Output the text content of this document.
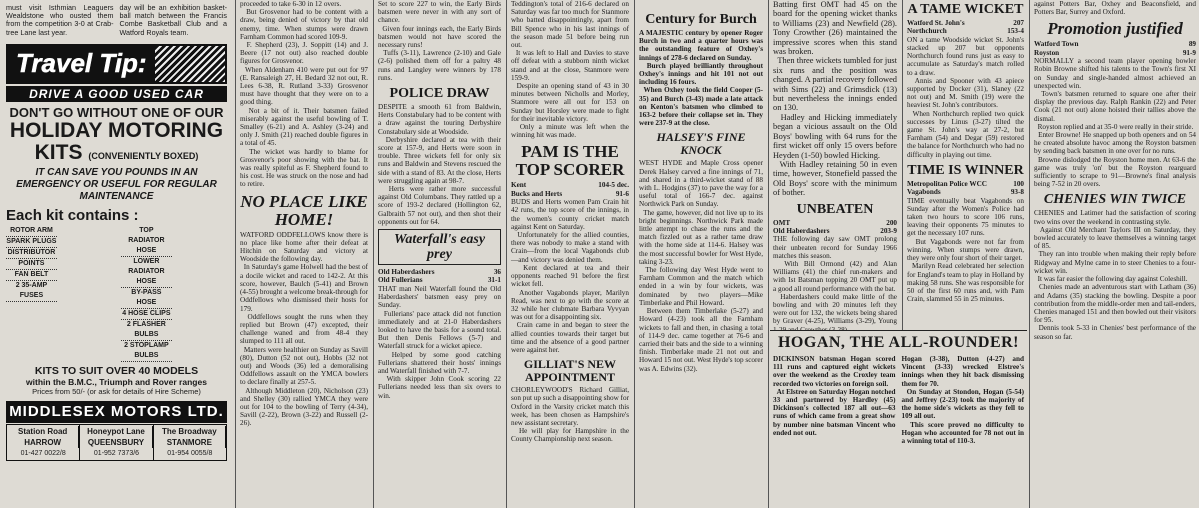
must visit Isthmian Leaguers Wealdstone who ousted them from the competition 3-0 at Crab-tree Lane last year.
day will be an exhibition basket-ball match between the Francis Combe Basketball Club and a Watford Royals team.
Travel Tip:
DRIVE A GOOD USED CAR
DON'T GO WITHOUT ONE OF OUR
HOLIDAY MOTORING
KITS (CONVENIENTLY BOXED)
IT CAN SAVE YOU POUNDS IN AN EMERGENCY OR USEFUL FOR REGULAR MAINTENANCE
Each kit contains :
ROTOR ARM
SPARK PLUGS
DISTRIBUTOR
POINTS
FAN BELT
2 35-AMP FUSES
TOP RADIATOR HOSE
LOWER RADIATOR HOSE
BY-PASS HOSE
4 HOSE CLIPS
2 FLASHER BULBS
2 STOPLAMP BULBS
KITS TO SUIT OVER 40 MODELS
within the B.M.C., Triumph and Rover ranges
Prices from 50/- (or ask for details of Hire Scheme)
MIDDLESEX MOTORS LTD.
Station Road
HARROW
01-427 0022/8
Honeypot Lane
QUEENSBURY
01-952 7373/6
The Broadway
STANMORE
01-954 0055/8
proceeded to take 6-30 in 12 overs.
But Grosvenor had to be content with a draw, being denied of victory by that old enemy, time. When stumps were drawn Farnham Common had scored 109-9.
F. Shepherd (23), J. Soppitt (14) and J. Beere (17 not out) also reached double figures for Grosvenor.
When Aldenham 410 were put out for 97 (E. Ransaleigh 27, H. Bedard 32 not out, R. Lees 6-38, R. Rutland 3-33) Grosvenor must have thought that they were on to a good thing.
Not a bit of it. Their batsmen failed miserably against the useful bowling of T. Smalley (6-21) and A. Ashley (3-24) and only J. Smith (21) reached double figures in a total of 45.
The wicket was hardly to blame for Grosvenor's poor showing with the bat. It was really spiteful as F. Shepherd found to his cost. He was struck on the nose and had to retire.
NO PLACE LIKE HOME!
WATFORD ODDFELLOWS know there is no place like home after their defeat at Hitchin on Saturday and victory at Woodside the following day.
In Saturday's game Holwell had the best of a docile wicket and raced to 142-2. At this score, however, Baulch (5-41) and Brown (4-55) brought a welcome break-through for Oddfellows who dismissed their hosts for 179.
Oddfellows sought the runs when they replied but Brown (47) excepted, their challenge waned and from 48-4 they slumped to 111 all out.
Matters were healthier on Sunday as Savill (80), Dutton (52 not out), Hobbs (32 not out) and Woods (36) led a demoralising Oddfellows assault on the YMCA bowlers to declare finally at 257-5.
Although Middleton (20), Nicholson (23) and Shelley (30) rallied YMCA they were out for 104 to the bowling of Terry (4-34), Savill (2-22), Brown (3-22) and Russell (2-26).
Set to score 227 to win, the Early Birds batsmen were never in with any sort of chance.
Given four innings each, the Early Birds batsmen would not have scored the necessary runs!
Tuffs (3-11), Lawrence (2-10) and Gale (2-6) polished them off for a paltry 48 runs and Langley were winners by 178 runs.
POLICE DRAW
DESPITE a smooth 61 from Baldwin, Herts Constabulary had to be content with a draw against the touring Derbyshire Constabulary side at Woodside.
Derbyshire declared at tea with their score at 157-9, and Herts were soon in trouble. Three wickets fell for only six runs and Baldwin and Stevens rescued the side with a stand of 83. At the close, Herts were struggling again at 98-7.
Herts were rather more successful against Old Columbans. They rattled up a score of 193-2 declared (Hollington 62, Galbraith 57 not out), and then shot their opponents out for 64.
Waterfall's easy prey
Old Haberdashers	36
Old Fullerians	31-1
THAT man Neil Waterfall found the Old Haberdashers' batsmen easy prey on Sunday.
Fullerians' pace attack did not function immediately and at 21-0 Haberdashers looked to have the basis for a sound total. But then Denis Fellows (5-7) and Waterfall struck for a wicket apiece.
Helped by some good catching Fullerians shattered their hosts' innings and Waterfall finished with 7-7.
With skipper John Cook scoring 22 Fullerians needed less than six overs to win.
Teddington's total of 216-6 declared on Saturday was far too much for Stanmore who batted disappointingly, apart from Bill Spence who in his last innings of the season made 51 before being run out.
It was left to Hall and Davies to stave off defeat with a stubborn ninth wicket stand and at the close, Stanmore were 159-9.
Despite an opening stand of 43 in 30 minutes between Nicholls and Morley, Stanmore were all out for 153 on Sunday but Horsley were made to fight for their inevitable victory.
Only a minute was left when the winning hit was made.
PAM IS THE TOP SCORER
Kent	104-5 dec.
Bucks and Herts	91-6
BUDS and Herts women Pam Crain hit 42 runs, the top score of the innings, in the women's county cricket match against Kent on Saturday.
Unfortunately for the allied counties, there was nobody to make a stand with Crain—from the local Vagabonds club—and victory was denied them.
Kent declared at tea and their opponents reached 91 before the first wicket fell.
Another Vagabonds player, Marilyn Read, was next to go with the score at 32 while her clubmate Barbara Vyvyan was out for a disappointing six.
Crain came in and began to steer the allied counties towards their target but time and the absence of a good partner were against her.
GILLIAT'S NEW APPOINTMENT
CHORLEYWOOD'S Richard Gilliat, son put up such a disappointing show for Oxford in the Varsity cricket match this week, has been chosen as Hampshire's new assistant secretary.
He will play for Hampshire in the County Championship next season.
Century for Burch
A MAJESTIC century by opener Roger Burch in two and a quarter hours was the outstanding feature of Oxhey's innings of 278-6 declared on Sunday.
Burch played brilliantly throughout Oxhey's innings and hit 101 not out including 16 fours.
When Oxhey took the field Cooper (5-35) and Burch (3-43) made a late attack on Kenton's batsmen who climbed to 163-2 before their collapse set in. They were 237-9 at the close.
HALSEY'S FINE KNOCK
WEST HYDE and Maple Cross opener Derek Halsey carved a fine innings of 71, and shared in a third-wicket stand of 88 with L. Hodgins (37) to pave the way for a useful total of 166-7 dec. against Northwick Park on Sunday.
The game, however, did not live up to its bright beginnings. Northwick Park made little attempt to chase the runs and the match fizzled out as a rather tame draw with the home side at 114-6. Halsey was the most successful bowler for West Hyde, taking 3-23.
The following day West Hyde went to Farnham Common and the match which ended in a win by four wickets, was dominated by two players—Mike Timberlake and Phil Howard.
Between them Timberlake (5-27) and Howard (4-23) took all the Farnham wickets to fall and then, in chasing a total of 114-9 dec. came together at 76-6 and carried their bats and the side to a winning finish. Timberlake made 21 not out and Howard 15 not out. West Hyde's top scorer was A. Edwins (32).
Batting first OMT had 45 on the board for the opening wicket thanks to Williams (23) and Newfield (28). Tony Crowther (26) maintained the impressive scores when this stand was broken.
Then three wickets tumbled for just six runs and the position was changed. A partial recovery followed with Sims (22) and Grimsdick (13) but nevertheless the innings ended on 130.
Hadley and Hicking immediately began a vicious assault on the Old Boys' bowling with 64 runs for the first wicket off only 15 overs before Heyden (1-50) bowled Hicking.
With Hadley retaining 50 in even time, however, Stonefield passed the Old Boys' score with the minimum of bother.
UNBEATEN
OMT	200
Old Haberdashers	203-9
THE following day saw OMT prolong their unbeaten record for Sunday 1966 matches this season.
With Bill Ormond (42) and Alan Williams (41) the chief run-makers and with Ist Batsman topping 20 OMT put up a good all round performance with the bat.
Haberdashers could make little of the bowling and with 20 minutes left they were out for 132, the wickets being shared by Graver (4-25), Williams (3-29), Young
A TAME WICKET
Watford St. John's	207
Northchurch	153-4
ON a tame Woodside wicket St. John's stacked up 207 but opponents Northchurch found runs just as easy to accumulate as Saturday's match rolled to a draw.
Annis and Spooner with 43 apiece supported by Docker (31), Slaney (22 not out) and M. Smith (19) were the heaviest St. John's contributors.
When Northchurch replied two quick successes by Linus (3-27) tilted the game St. John's way at 27-2, but Farnham (54) and Degar (59) restored the balance for Northchurch who had no difficulty in playing out time.
TIME IS WINNER
Metropolitan Police WCC	100
Vagabonds	93-8
TIME eventually beat Vagabonds on Sunday after the Women's Police had taken two hours to score 106 runs, leaving their opponents 75 minutes to get the necessary 107 runs.
But Vagabonds were not far from winning. When stumps were drawn, they were only four short of their target.
Marilyn Read celebrated her selection for England's team to play in Holland by making 58 runs. She was responsible for 50 of the first 60 runs and, with Pam Crain, slammed 55 in 25 minutes.
HOGAN, THE ALL-ROUNDER!
DICKINSON batsman Hogan scored 111 runs and captured eight wickets over the weekend as the Croxley team recorded two victories on foreign soil.
At Elstree on Saturday Hogan notched 33 and partnered by Hardley (45) Dickinson's collected 187 all out—63 runs of which came from a great show by number nine batsman Vincent who ended not out.
Hogan (3-38), Dutton (4-27) and Vincent (3-33) wrecked Elstree's innings when they hit back dismissing them for 70.
On Sunday at Stondon, Hogan (5-54) and Jeffrey (2-23) took the majority of the home side's wickets as they fell to 109 all out.
This score proved no difficulty to Hogan who accounted for 78 not out in a winning total of 110-3.
against Potters Bar, Oxhey and Beaconsfield, and Potters Bar, Surrey and Oxford.
Promotion justified
Watford Town	89
Royston	91-9
NORMALLY a second team player opening bowler Robin Browne shifted his talents to the Town's first XI on Sunday and single-handed almost achieved an unexpected win.
Town's batsmen returned to square one after their display the previous day. Ralph Rankin (22) and Peter Cook (21 not out) alone hoisted their tallies above the dismal.
Royston replied and at 35-0 were really in their stride.
Enter Browne! He snapped up both openers and on 54 he created absolute havoc among the Royston batsmen by sending back batsmen in one over for no runs.
Browne dislodged the Royston home men. At 63-6 the game was truly 'on' but the Royston rearguard sufficiently to scrape to 91—Browne's final analysis being 7-52 in 20 overs.
CHENIES WIN TWICE
CHENIES and Latimer had the satisfaction of scoring two wins over the weekend in contrasting style.
Against Old Merchant Taylors III on Saturday, they bowled accurately to leave themselves a winning target of 85.
They ran into trouble when making their reply before Ridgway and Mylne came in to steer Chenies to a four-wicket win.
It was far easier the following day against Coleshill.
Chenies made an adventurous start with Latham (36) and Adams (35) stacking the bowling. Despite a poor contribution from the middle-order men and tail-enders, Chenies managed 151 and then bowled out their visitors for 95.
Dennis took 5-33 in Chenies' best performance of the season so far.
